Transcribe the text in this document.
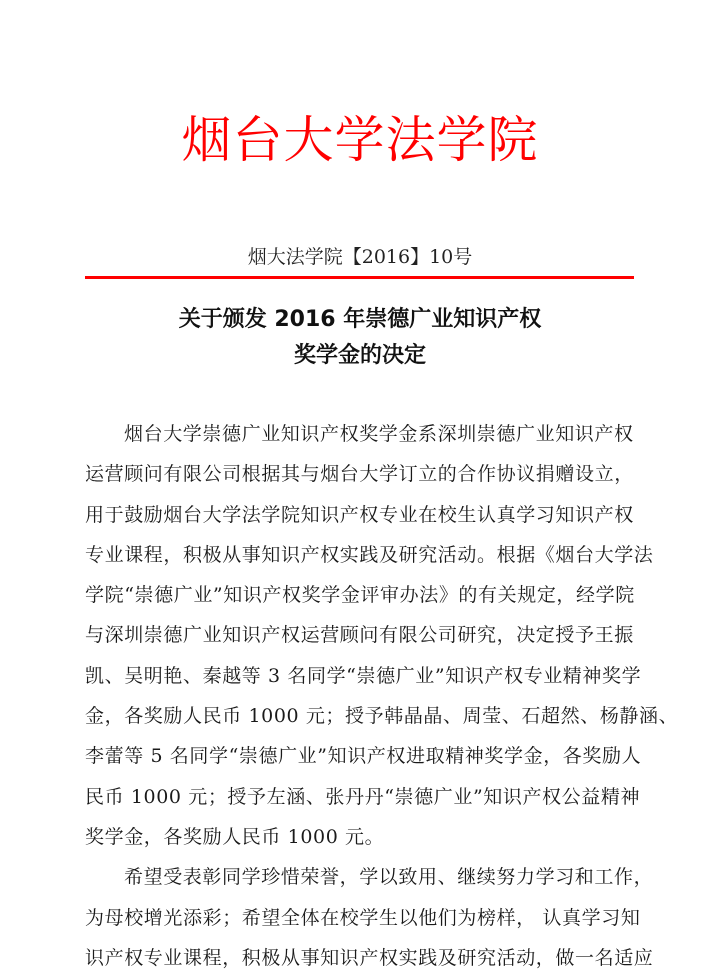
烟台大学法学院
烟大法学院【2016】10号
关于颁发 2016 年崇德广业知识产权
奖学金的决定
烟台大学崇德广业知识产权奖学金系深圳崇德广业知识产权
运营顾问有限公司根据其与烟台大学订立的合作协议捐赠设立，
用于鼓励烟台大学法学院知识产权专业在校生认真学习知识产权
专业课程，积极从事知识产权实践及研究活动。根据《烟台大学法
学院“崇德广业”知识产权奖学金评审办法》的有关规定，经学院
与深圳崇德广业知识产权运营顾问有限公司研究，决定授予王振
凯、吴明艳、秦越等 3 名同学“崇德广业”知识产权专业精神奖学
金，各奖励人民币 1000 元；授予韩晶晶、周莹、石超然、杨静涵、
李蕾等 5 名同学“崇德广业”知识产权进取精神奖学金，各奖励人
民币 1000 元；授予左涵、张丹丹“崇德广业”知识产权公益精神
奖学金，各奖励人民币 1000 元。
希望受表彰同学珍惜荣誉，学以致用、继续努力学习和工作，
为母校增光添彩；希望全体在校学生以他们为榜样， 认真学习知
识产权专业课程，积极从事知识产权实践及研究活动，做一名适应
